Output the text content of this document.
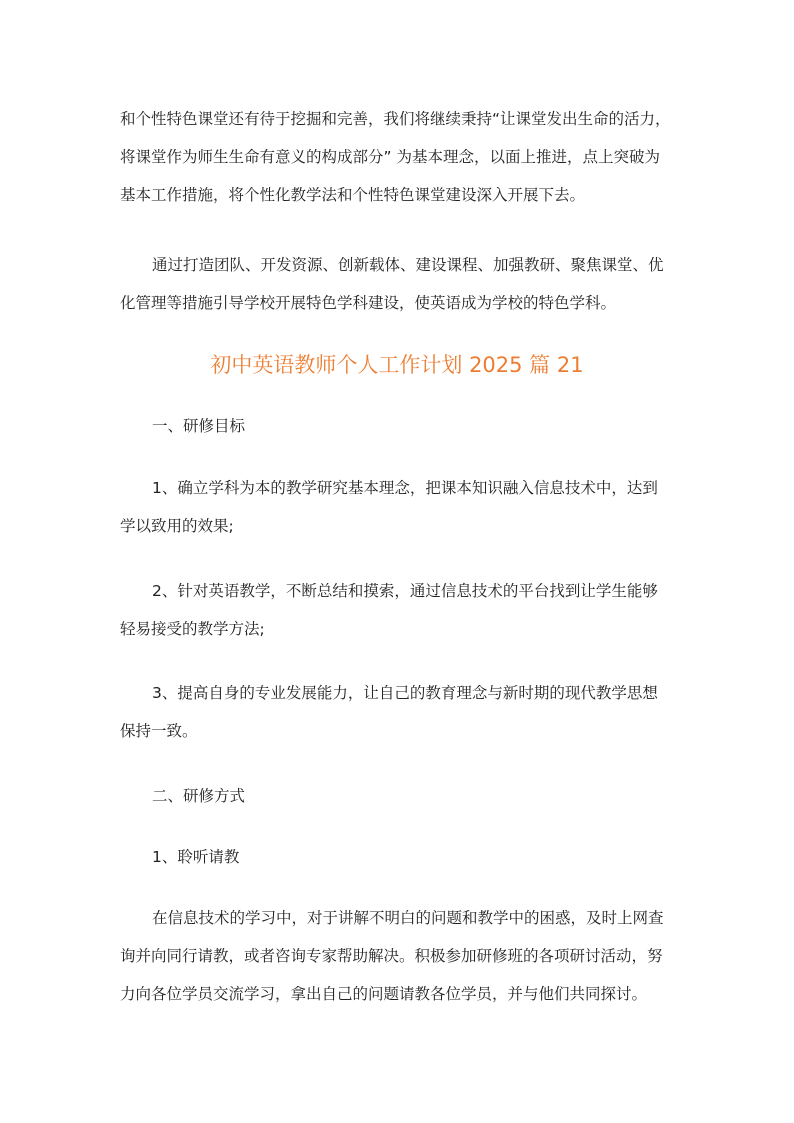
和个性特色课堂还有待于挖掘和完善，我们将继续秉持“让课堂发出生命的活力，
将课堂作为师生生命有意义的构成部分” 为基本理念，以面上推进，点上突破为
基本工作措施，将个性化教学法和个性特色课堂建设深入开展下去。
通过打造团队、开发资源、创新载体、建设课程、加强教研、聚焦课堂、优
化管理等措施引导学校开展特色学科建设，使英语成为学校的特色学科。
初中英语教师个人工作计划 2025 篇 21
一、研修目标
1、确立学科为本的教学研究基本理念，把课本知识融入信息技术中，达到
学以致用的效果;
2、针对英语教学，不断总结和摸索，通过信息技术的平台找到让学生能够
轻易接受的教学方法;
3、提高自身的专业发展能力，让自己的教育理念与新时期的现代教学思想
保持一致。
二、研修方式
1、聆听请教
在信息技术的学习中，对于讲解不明白的问题和教学中的困惑，及时上网查
询并向同行请教，或者咨询专家帮助解决。积极参加研修班的各项研讨活动，努
力向各位学员交流学习，拿出自己的问题请教各位学员，并与他们共同探讨。
